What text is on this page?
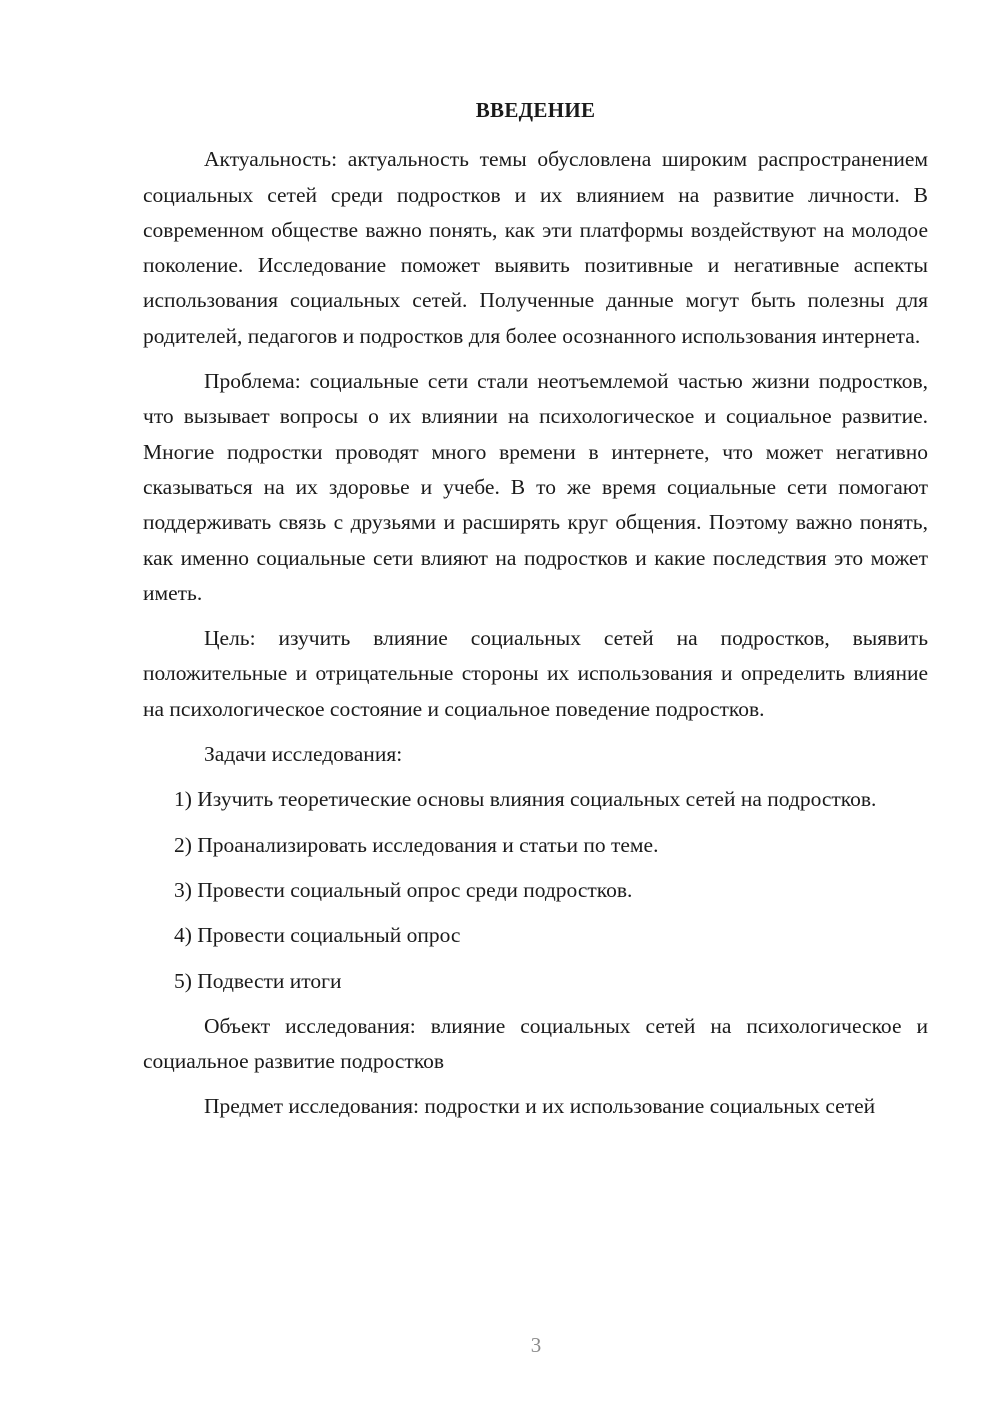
ВВЕДЕНИЕ

Актуальность: актуальность темы обусловлена широким распространением социальных сетей среди подростков и их влиянием на развитие личности. В современном обществе важно понять, как эти платформы воздействуют на молодое поколение. Исследование поможет выявить позитивные и негативные аспекты использования социальных сетей. Полученные данные могут быть полезны для родителей, педагогов и подростков для более осознанного использования интернета.

Проблема: социальные сети стали неотъемлемой частью жизни подростков, что вызывает вопросы о их влиянии на психологическое и социальное развитие. Многие подростки проводят много времени в интернете, что может негативно сказываться на их здоровье и учебе. В то же время социальные сети помогают поддерживать связь с друзьями и расширять круг общения. Поэтому важно понять, как именно социальные сети влияют на подростков и какие последствия это может иметь.

Цель: изучить влияние социальных сетей на подростков, выявить положительные и отрицательные стороны их использования и определить влияние на психологическое состояние и социальное поведение подростков.

Задачи исследования:

1) Изучить теоретические основы влияния социальных сетей на подростков.

2) Проанализировать исследования и статьи по теме.

3) Провести социальный опрос среди подростков.

4) Провести социальный опрос

5) Подвести итоги

Объект исследования: влияние социальных сетей на психологическое и социальное развитие подростков

Предмет исследования: подростки и их использование социальных сетей

3
